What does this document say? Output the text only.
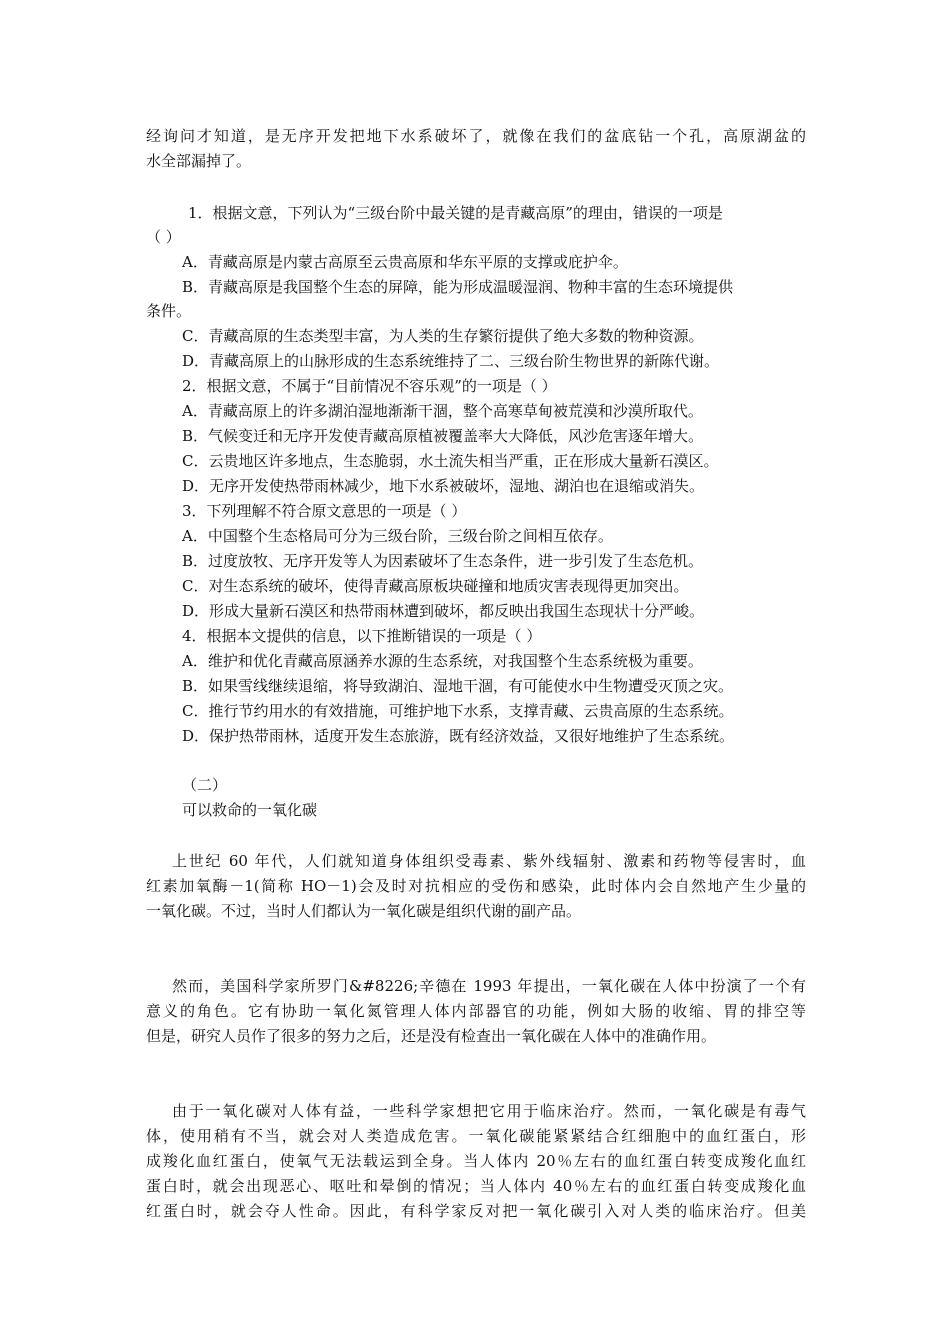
经询问才知道，是无序开发把地下水系破坏了，就像在我们的盆底钻一个孔，高原湖盆的
水全部漏掉了。
1．根据文意，下列认为“三级台阶中最关键的是青藏高原”的理由，错误的一项是
（ ）
A．青藏高原是内蒙古高原至云贵高原和华东平原的支撑或庇护伞。
B．青藏高原是我国整个生态的屏障，能为形成温暖湿润、物种丰富的生态环境提供
条件。
C．青藏高原的生态类型丰富，为人类的生存繁衍提供了绝大多数的物种资源。
D．青藏高原上的山脉形成的生态系统维持了二、三级台阶生物世界的新陈代谢。
2．根据文意，不属于“目前情况不容乐观”的一项是（ ）
A．青藏高原上的许多湖泊湿地渐渐干涸，整个高寒草甸被荒漠和沙漠所取代。
B．气候变迁和无序开发使青藏高原植被覆盖率大大降低，风沙危害逐年增大。
C．云贵地区许多地点，生态脆弱，水土流失相当严重，正在形成大量新石漠区。
D．无序开发使热带雨林减少，地下水系被破坏，湿地、湖泊也在退缩或消失。
3．下列理解不符合原文意思的一项是（ ）
A．中国整个生态格局可分为三级台阶，三级台阶之间相互依存。
B．过度放牧、无序开发等人为因素破坏了生态条件，进一步引发了生态危机。
C．对生态系统的破坏，使得青藏高原板块碰撞和地质灾害表现得更加突出。
D．形成大量新石漠区和热带雨林遭到破坏，都反映出我国生态现状十分严峻。
4．根据本文提供的信息，以下推断错误的一项是（ ）
A．维护和优化青藏高原涵养水源的生态系统，对我国整个生态系统极为重要。
B．如果雪线继续退缩，将导致湖泊、湿地干涸，有可能使水中生物遭受灭顶之灾。
C．推行节约用水的有效措施，可维护地下水系，支撑青藏、云贵高原的生态系统。
D．保护热带雨林，适度开发生态旅游，既有经济效益，又很好地维护了生态系统。
（二）
可以救命的一氧化碳
上世纪 60 年代，人们就知道身体组织受毒素、紫外线辐射、激素和药物等侵害时，血
红素加氧酶－1(简称 HO－1)会及时对抗相应的受伤和感染，此时体内会自然地产生少量的
一氧化碳。不过，当时人们都认为一氧化碳是组织代谢的副产品。
然而，美国科学家所罗门&#8226;辛德在 1993 年提出，一氧化碳在人体中扮演了一个有
意义的角色。它有协助一氧化氮管理人体内部器官的功能，例如大肠的收缩、胃的排空等
但是，研究人员作了很多的努力之后，还是没有检查出一氧化碳在人体中的准确作用。
由于一氧化碳对人体有益，一些科学家想把它用于临床治疗。然而，一氧化碳是有毒气
体，使用稍有不当，就会对人类造成危害。一氧化碳能紧紧结合红细胞中的血红蛋白，形
成羧化血红蛋白，使氧气无法载运到全身。当人体内 20％左右的血红蛋白转变成羧化血红
蛋白时，就会出现恶心、呕吐和晕倒的情况；当人体内 40％左右的血红蛋白转变成羧化血
红蛋白时，就会夺人性命。因此，有科学家反对把一氧化碳引入对人类的临床治疗。但美
